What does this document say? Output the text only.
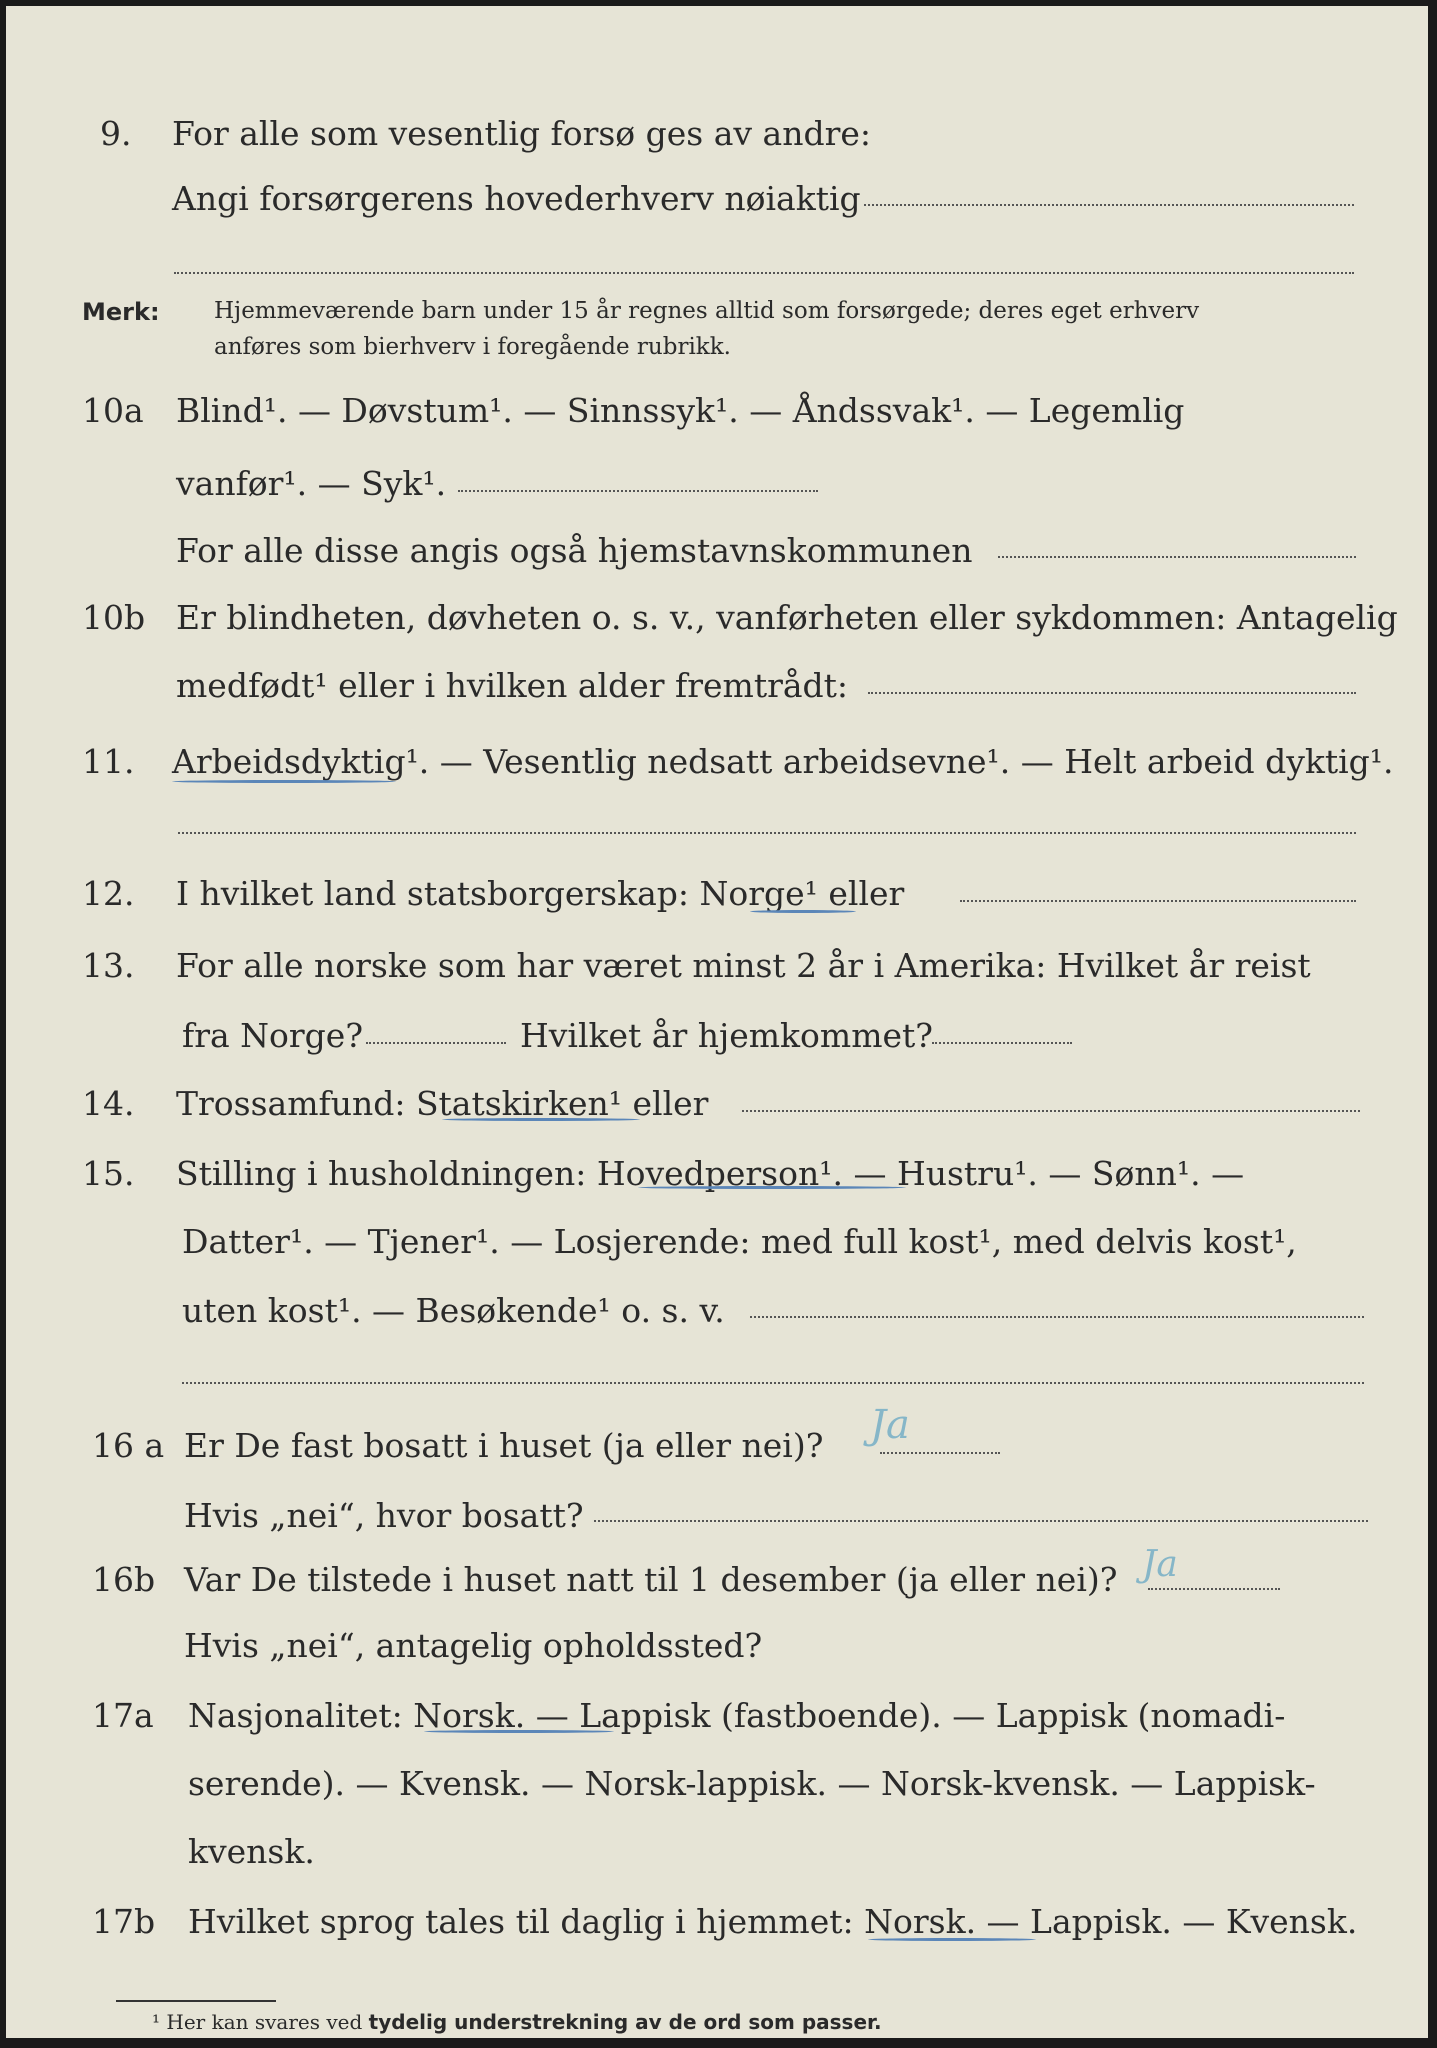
9. For alle som vesentlig forsø ges av andre:
Angi forsørgerens hovederhverv nøiaktig
Merk: Hjemmeværende barn under 15 år regnes alltid som forsørgede; deres eget erhverv
anføres som bierhverv i foregående rubrikk.
10a Blind¹. — Døvstum¹. — Sinnssyk¹. — Åndssvak¹. — Legemlig
vanfør¹. — Syk¹.
For alle disse angis også hjemstavnskommunen
10b Er blindheten, døvheten o. s. v., vanførheten eller sykdommen: Antagelig
medfødt¹ eller i hvilken alder fremtrådt:
11. Arbeidsdyktig¹. — Vesentlig nedsatt arbeidsevne¹. — Helt arbeid dyktig¹.
12. I hvilket land statsborgerskap: Norge¹ eller
13. For alle norske som har været minst 2 år i Amerika: Hvilket år reist
fra Norge?	Hvilket år hjemkommet?
14. Trossamfund: Statskirken¹ eller
15. Stilling i husholdningen: Hovedperson¹. — Hustru¹. — Sønn¹. —
Datter¹. — Tjener¹. — Losjerende: med full kost¹, med delvis kost¹,
uten kost¹. — Besøkende¹ o. s. v.
16 a Er De fast bosatt i huset (ja eller nei)? Ja
Hvis „nei“, hvor bosatt?
16b Var De tilstede i huset natt til 1 desember (ja eller nei)? Ja
Hvis „nei“, antagelig opholdssted?
17a Nasjonalitet: Norsk. — Lappisk (fastboende). — Lappisk (nomadi-
serende). — Kvensk. — Norsk-lappisk. — Norsk-kvensk. — Lappisk-
kvensk.
17b Hvilket sprog tales til daglig i hjemmet: Norsk. — Lappisk. — Kvensk.
¹ Her kan svares ved tydelig understrekning av de ord som passer.
